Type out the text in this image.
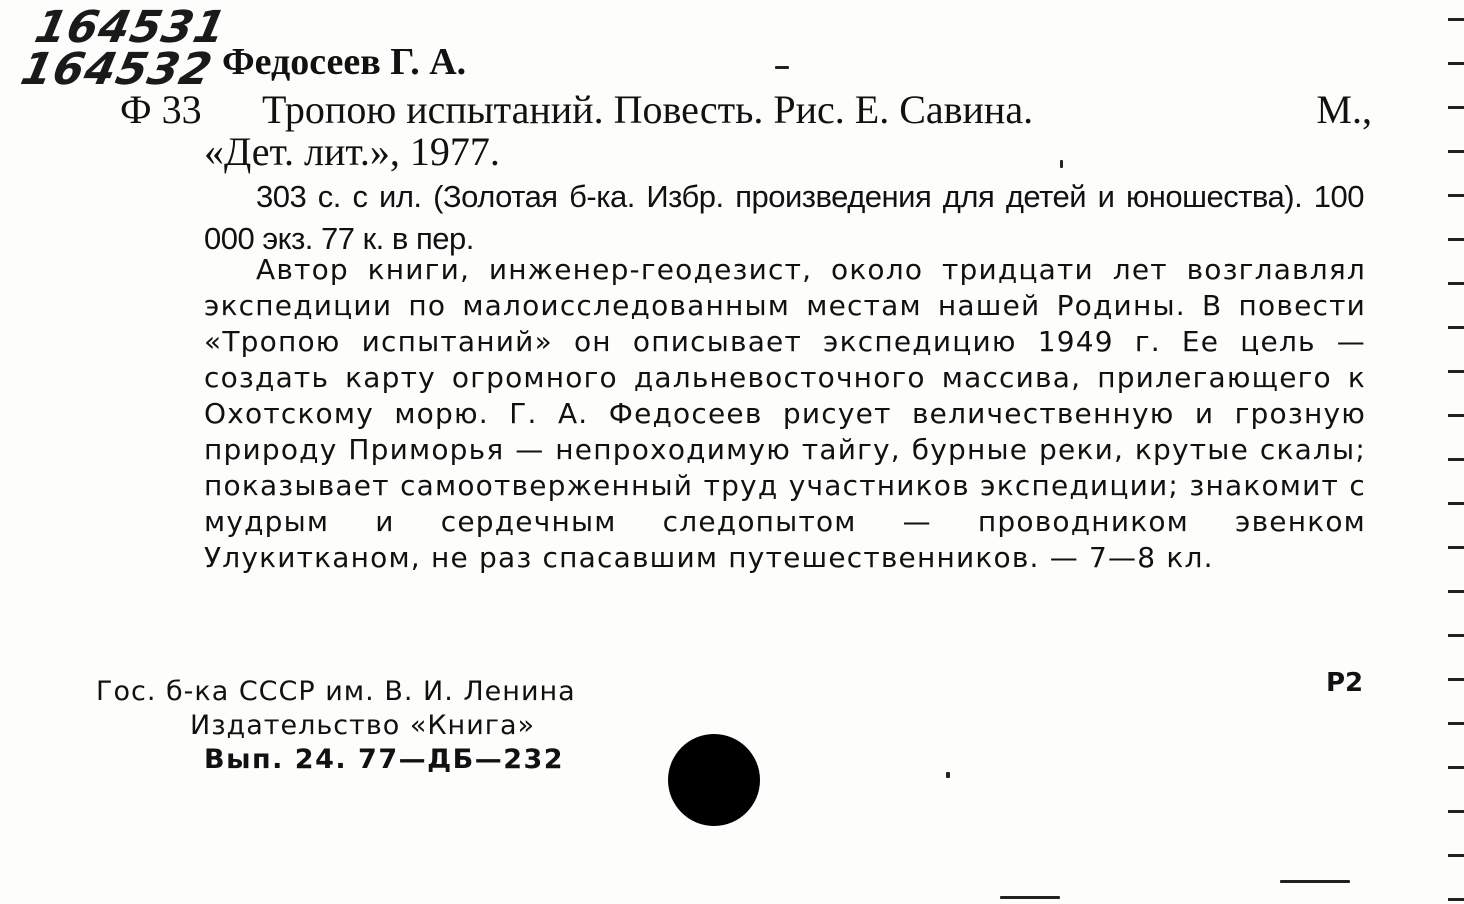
164531
164532 Федосеев Г. А.
Ф 33 Тропою испытаний. Повесть. Рис. Е. Савина.	М.,
«Дет. лит.», 1977.
303 с. с ил. (Золотая б-ка. Избр. произведения для детей и юношества). 100 000 экз. 77 к. в пер.
Автор книги, инженер-геодезист, около тридцати лет возглавлял экспедиции по малоисследованным местам нашей Родины. В повести «Тропою испытаний» он описывает экспедицию 1949 г. Ее цель — создать карту огромного дальневосточного массива, прилегающего к Охотскому морю. Г. А. Федосеев рисует величественную и грозную природу Приморья — непроходимую тайгу, бурные реки, крутые скалы; показывает самоотверженный труд участников экспедиции; знакомит с мудрым и сердечным следопытом — проводником эвенком Улукитканом, не раз спасавшим путешественников. — 7—8 кл.
Гос. б-ка СССР им. В. И. Ленина
Издательство «Книга»
Вып. 24. 77—ДБ—232
Р2
